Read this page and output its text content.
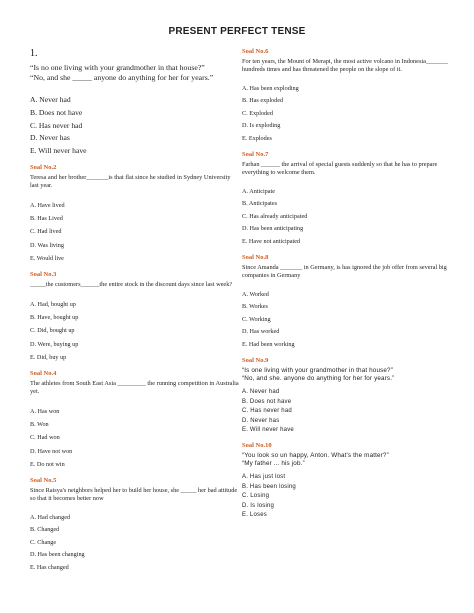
PRESENT PERFECT TENSE
1.
“Is no one living with your grandmother in that house?”
“No, and she _____ anyone do anything for her for years.”
A. Never had
B. Does not have
C. Has never had
D. Never has
E. Will never have
Soal No.2
Teresa and her brother_______is that flat since he studied in Sydney University last year.
A. Have lived
B. Has Lived
C. Had lived
D. Was living
E. Would live
Soal No.3
_____the customers______the entire stock in the discount days since last week?
A. Had, bought up
B. Have, bought up
C. Did, bought up
D. Were, buying up
E. Did, buy up
Soal No.4
The athletes from South East Asia _________ the running competition in Australia yet.
A. Has won
B. Won
C. Had won
D. Have not won
E. Do not win
Soal No.5
Since Raisya's neighbors helped her to build her house, she _____ her bad attitude so that it becomes better now
A. Had changed
B. Changed
C. Change
D. Has been changing
E. Has changed
Soal No.6
For ten years, the Mount of Merapi, the most active volcano in Indonesia_______ hundreds times and has threatened the people on the slope of it.
A. Has been exploding
B. Has exploded
C. Exploded
D. Is exploding
E. Explodes
Soal No.7
Farhan ______ the arrival of special guests suddenly so that he has to prepare everything to welcome them.
A. Anticipate
B. Anticipates
C. Has already anticipated
D. Has been anticipating
E. Have not anticipated
Soal No.8
Since Amanda _______ in Germany, is has ignored the job offer from several big companies in Germany
A. Worked
B. Workes
C. Working
D. Has worked
E. Had been working
Soal No.9
“Is one living with your grandmother in that house?”
“No, and she. anyone do anything for her for years.”
A. Never had
B. Does not have
C. Has never had
D. Never has
E. Will never have
Soal No.10
“You look so un happy, Anton. What's the matter?”
“My father ... his job.”
A. Has just lost
B. Has been losing
C. Losing
D. Is losing
E. Loses
